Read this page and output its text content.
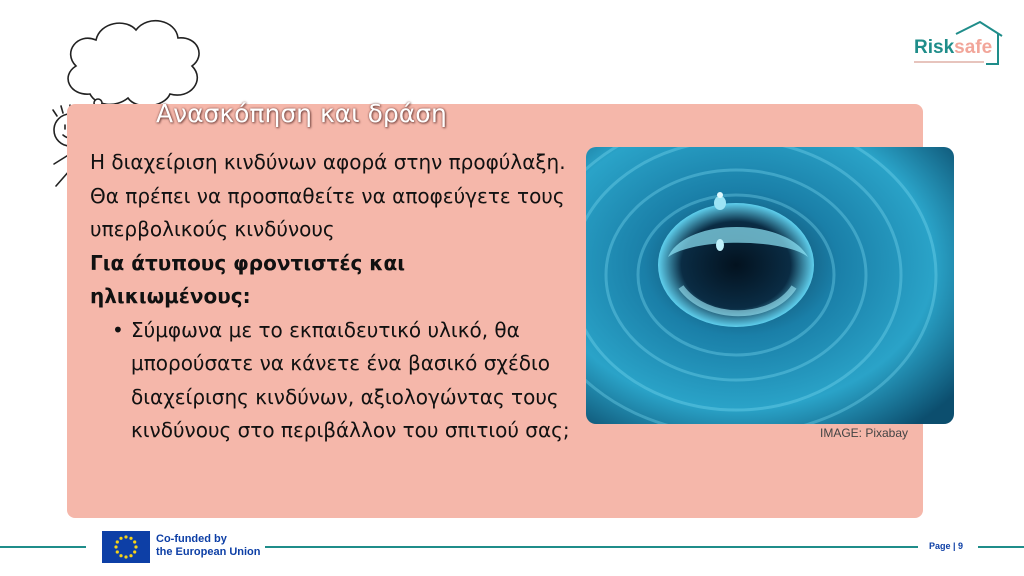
Ανασκόπηση και δράση

Η διαχείριση κινδύνων αφορά στην προφύλαξη. Θα πρέπει να προσπαθείτε να αποφεύγετε τους υπερβολικούς κινδύνους

Για άτυπους φροντιστές και ηλικιωμένους:

• Σύμφωνα με το εκπαιδευτικό υλικό, θα μπορούσατε να κάνετε ένα βασικό σχέδιο διαχείρισης κινδύνων, αξιολογώντας τους κινδύνους στο περιβάλλον του σπιτιού σας;	IMAGE: Pixabay
Risksafe
Co-funded by
the European Union	Page | 9
